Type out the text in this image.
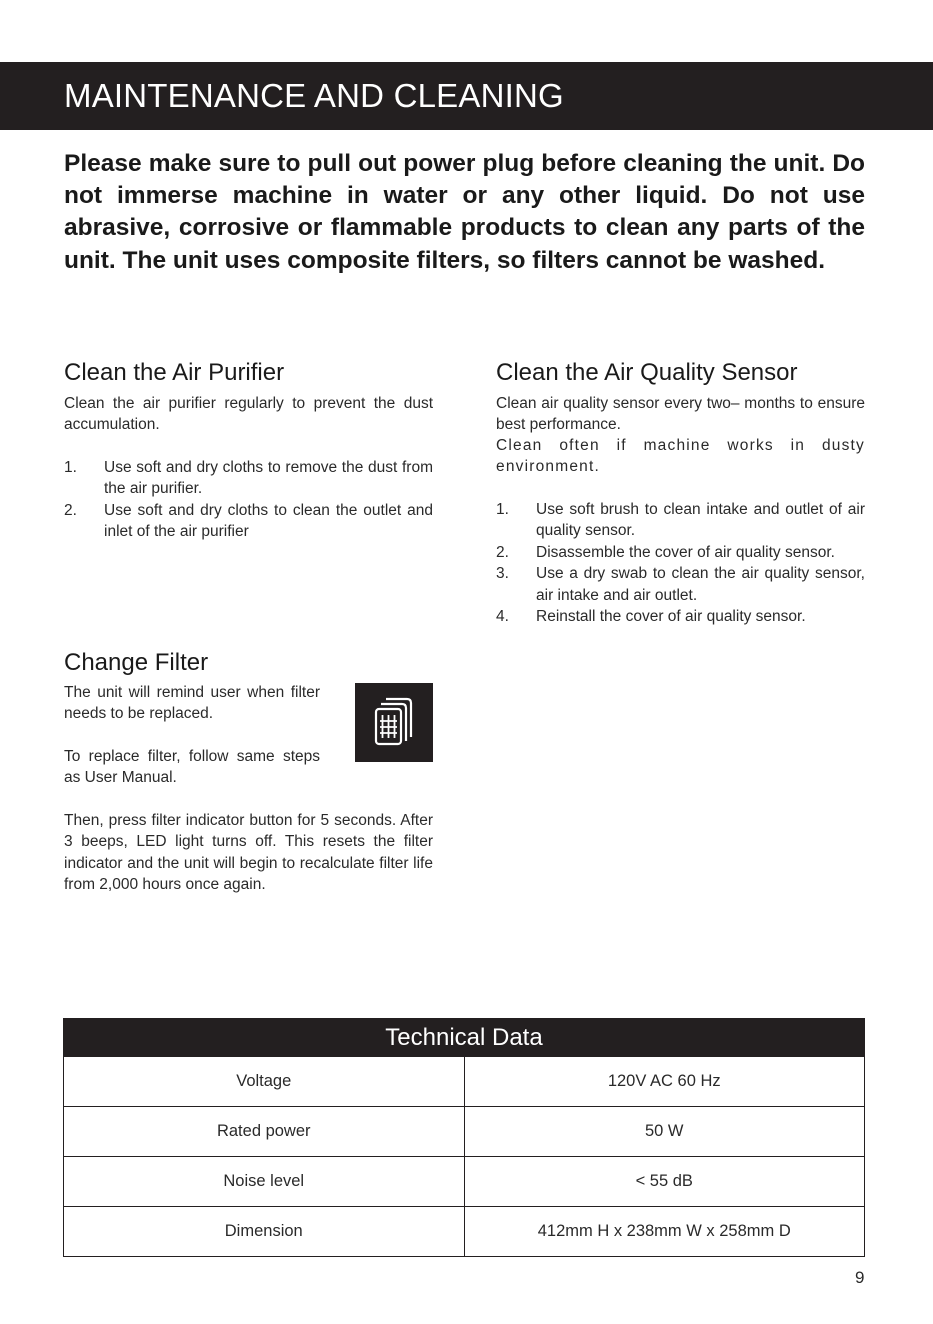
MAINTENANCE AND CLEANING

Please make sure to pull out power plug before cleaning the unit. Do not immerse machine in water or any other liquid. Do not use abrasive, corrosive or flammable products to clean any parts of the unit. The unit uses composite filters, so filters cannot be washed.

Clean the Air Purifier

Clean the air purifier regularly to prevent the dust accumulation.

1. Use soft and dry cloths to remove the dust from the air purifier.
2. Use soft and dry cloths to clean the outlet and inlet of the air purifier
Clean the Air Quality Sensor

Clean air quality sensor every two– months to ensure best performance.

Clean often if machine works in dusty environment.

1. Use soft brush to clean intake and outlet of air quality sensor.
2. Disassemble the cover of air quality sensor.
3. Use a dry swab to clean the air quality sensor, air intake and air outlet.
4. Reinstall the cover of air quality sensor.
Change Filter

The unit will remind user when filter needs to be replaced.

To replace filter, follow same steps as User Manual.

Then, press filter indicator button for 5 seconds. After 3 beeps, LED light turns off. This resets the filter indicator and the unit will begin to recalculate filter life from 2,000 hours once again.

Technical Data	
Voltage	120V AC 60 Hz
Rated power	50 W
Noise level	< 55 dB
Dimension	412mm H x 238mm W x 258mm D

9
